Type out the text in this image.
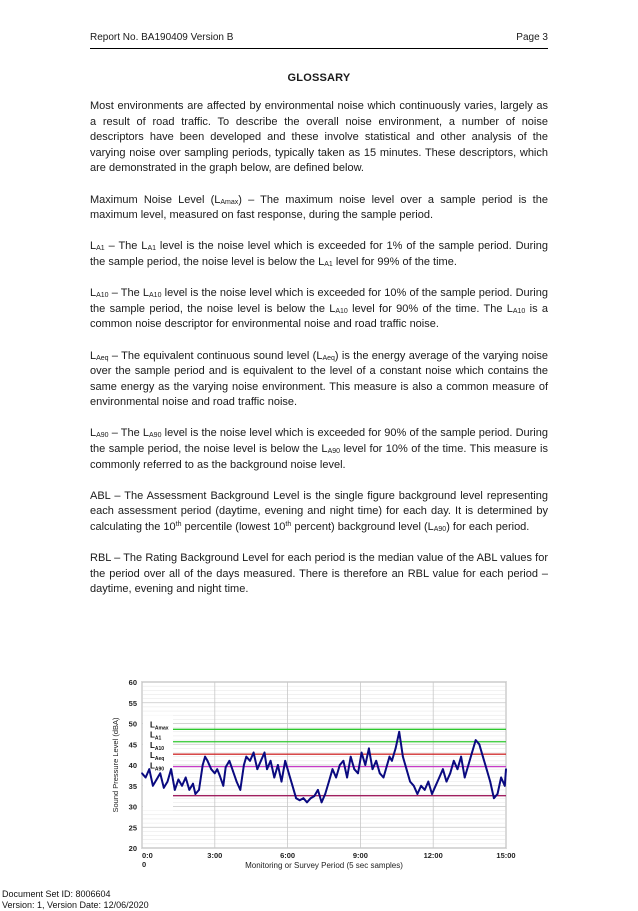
Report No. BA190409 Version B	Page 3
GLOSSARY

Most environments are affected by environmental noise which continuously varies, largely as a result of road traffic. To describe the overall noise environment, a number of noise descriptors have been developed and these involve statistical and other analysis of the varying noise over sampling periods, typically taken as 15 minutes. These descriptors, which are demonstrated in the graph below, are defined below.

Maximum Noise Level $(L_{Amax})$ – The maximum noise level over a sample period is the maximum level, measured on fast response, during the sample period.

$L_{A1}$ – The $L_{A1}$ level is the noise level which is exceeded for 1% of the sample period. During the sample period, the noise level is below the $L_{A1}$ level for 99% of the time.

$L_{A10}$ – The $L_{A10}$ level is the noise level which is exceeded for 10% of the sample period. During the sample period, the noise level is below the $L_{A10}$ level for 90% of the time. The $L_{A10}$ is a common noise descriptor for environmental noise and road traffic noise.

$L_{Aeq}$ – The equivalent continuous sound level $(L_{Aeq})$ is the energy average of the varying noise over the sample period and is equivalent to the level of a constant noise which contains the same energy as the varying noise environment. This measure is also a common measure of environmental noise and road traffic noise.

$L_{A90}$ – The $L_{A90}$ level is the noise level which is exceeded for 90% of the sample period. During the sample period, the noise level is below the $L_{A90}$ level for 10% of the time. This measure is commonly referred to as the background noise level.

ABL – The Assessment Background Level is the single figure background level representing each assessment period (daytime, evening and night time) for each day. It is determined by calculating the 10th percentile (lowest 10th percent) background level $(L_{A90})$ for each period.

RBL – The Rating Background Level for each period is the median value of the ABL values for the period over all of the days measured. There is therefore an RBL value for each period – daytime, evening and night time.

20
25
30
35
40
45
50
55
60
0:0	3:00	6:00	9:00	12:00	15:00
0
$L_{Amax}$
$L_{A1}$
$L_{A10}$
$L_{Aeq}$
$L_{A90}$
Monitoring or Survey Period (5 sec samples)
Sound Pressure Level (dBA)
Document Set ID: 8006604
Version: 1, Version Date: 12/06/2020
